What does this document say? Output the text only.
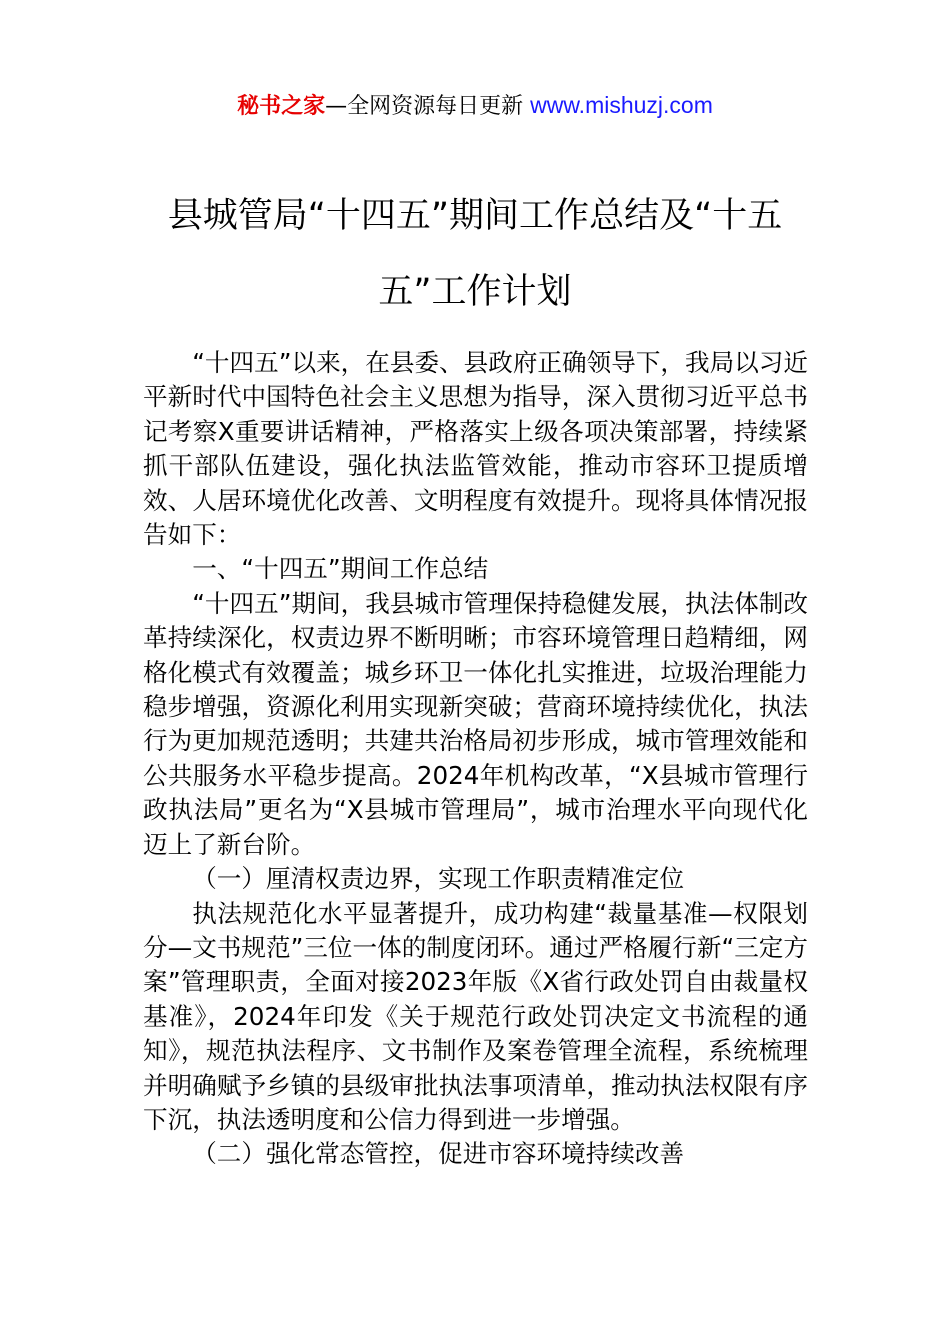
秘书之家—全网资源每日更新 www.mishuzj.com
县城管局“十四五”期间工作总结及“十五五”工作计划

“十四五”以来，在县委、县政府正确领导下，我局以习近平新时代中国特色社会主义思想为指导，深入贯彻习近平总书记考察X重要讲话精神，严格落实上级各项决策部署，持续紧抓干部队伍建设，强化执法监管效能，推动市容环卫提质增效、人居环境优化改善、文明程度有效提升。现将具体情况报告如下：

一、“十四五”期间工作总结

“十四五”期间，我县城市管理保持稳健发展，执法体制改革持续深化，权责边界不断明晰；市容环境管理日趋精细，网格化模式有效覆盖；城乡环卫一体化扎实推进，垃圾治理能力稳步增强，资源化利用实现新突破；营商环境持续优化，执法行为更加规范透明；共建共治格局初步形成，城市管理效能和公共服务水平稳步提高。2024年机构改革，“X县城市管理行政执法局”更名为“X县城市管理局”，城市治理水平向现代化迈上了新台阶。

（一）厘清权责边界，实现工作职责精准定位

执法规范化水平显著提升，成功构建“裁量基准—权限划分—文书规范”三位一体的制度闭环。通过严格履行新“三定方案”管理职责，全面对接2023年版《X省行政处罚自由裁量权基准》，2024年印发《关于规范行政处罚决定文书流程的通知》，规范执法程序、文书制作及案卷管理全流程，系统梳理并明确赋予乡镇的县级审批执法事项清单，推动执法权限有序下沉，执法透明度和公信力得到进一步增强。

（二）强化常态管控，促进市容环境持续改善
